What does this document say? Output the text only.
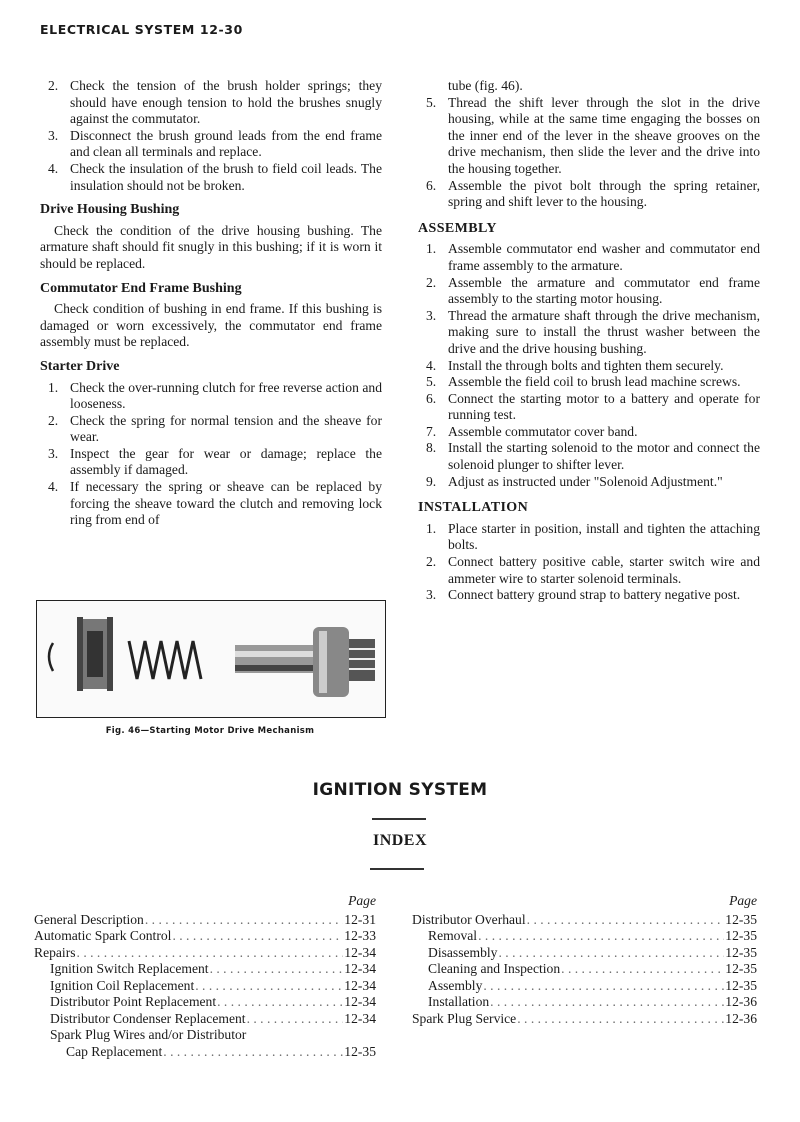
ELECTRICAL SYSTEM 12-30
2. Check the tension of the brush holder springs; they should have enough tension to hold the brushes snugly against the commutator.
3. Disconnect the brush ground leads from the end frame and clean all terminals and replace.
4. Check the insulation of the brush to field coil leads. The insulation should not be broken.
Drive Housing Bushing

Check the condition of the drive housing bushing. The armature shaft should fit snugly in this bushing; if it is worn it should be replaced.

Commutator End Frame Bushing

Check condition of bushing in end frame. If this bushing is damaged or worn excessively, the commutator end frame assembly must be replaced.

Starter Drive
1. Check the over-running clutch for free reverse action and looseness.
2. Check the spring for normal tension and the sheave for wear.
3. Inspect the gear for wear or damage; replace the assembly if damaged.
4. If necessary the spring or sheave can be replaced by forcing the sheave toward the clutch and removing lock ring from end of
Fig. 46—Starting Motor Drive Mechanism
tube (fig. 46).
5. Thread the shift lever through the slot in the drive housing, while at the same time engaging the bosses on the inner end of the lever in the sheave grooves on the drive mechanism, then slide the lever and the drive into the housing together.
6. Assemble the pivot bolt through the spring retainer, spring and shift lever to the housing.
ASSEMBLY
1. Assemble commutator end washer and commutator end frame assembly to the armature.
2. Assemble the armature and commutator end frame assembly to the starting motor housing.
3. Thread the armature shaft through the drive mechanism, making sure to install the thrust washer between the drive and the drive housing bushing.
4. Install the through bolts and tighten them securely.
5. Assemble the field coil to brush lead machine screws.
6. Connect the starting motor to a battery and operate for running test.
7. Assemble commutator cover band.
8. Install the starting solenoid to the motor and connect the solenoid plunger to shifter lever.
9. Adjust as instructed under "Solenoid Adjustment."
INSTALLATION
1. Place starter in position, install and tighten the attaching bolts.
2. Connect battery positive cable, starter switch wire and ammeter wire to starter solenoid terminals.
3. Connect battery ground strap to battery negative post.
IGNITION SYSTEM
INDEX
Page
General Description . . .	12-31
Automatic Spark Control . . .	12-33
Repairs . . .	12-34
Ignition Switch Replacement . . .	12-34
Ignition Coil Replacement . . .	12-34
Distributor Point Replacement . . .	12-34
Distributor Condenser Replacement . . .	12-34
Spark Plug Wires and/or Distributor
Cap Replacement . . .	12-35
Page
Distributor Overhaul . . .	12-35
Removal . . .	12-35
Disassembly . . .	12-35
Cleaning and Inspection . . .	12-35
Assembly . . .	12-35
Installation . . .	12-36
Spark Plug Service . . .	12-36
